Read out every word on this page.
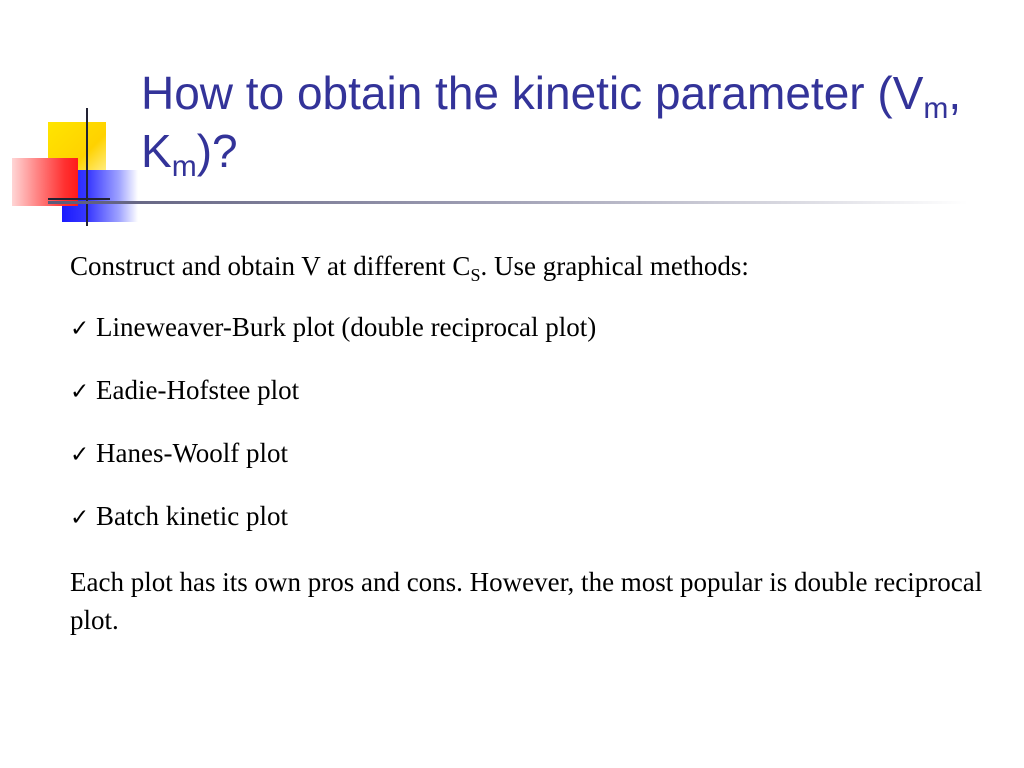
How to obtain the kinetic parameter ($V_m$, $K_m$)?

Construct and obtain V at different $C_S$. Use graphical methods:

✓ Lineweaver-Burk plot (double reciprocal plot)

✓ Eadie-Hofstee plot

✓ Hanes-Woolf plot

✓ Batch kinetic plot

Each plot has its own pros and cons. However, the most popular is double reciprocal plot.
